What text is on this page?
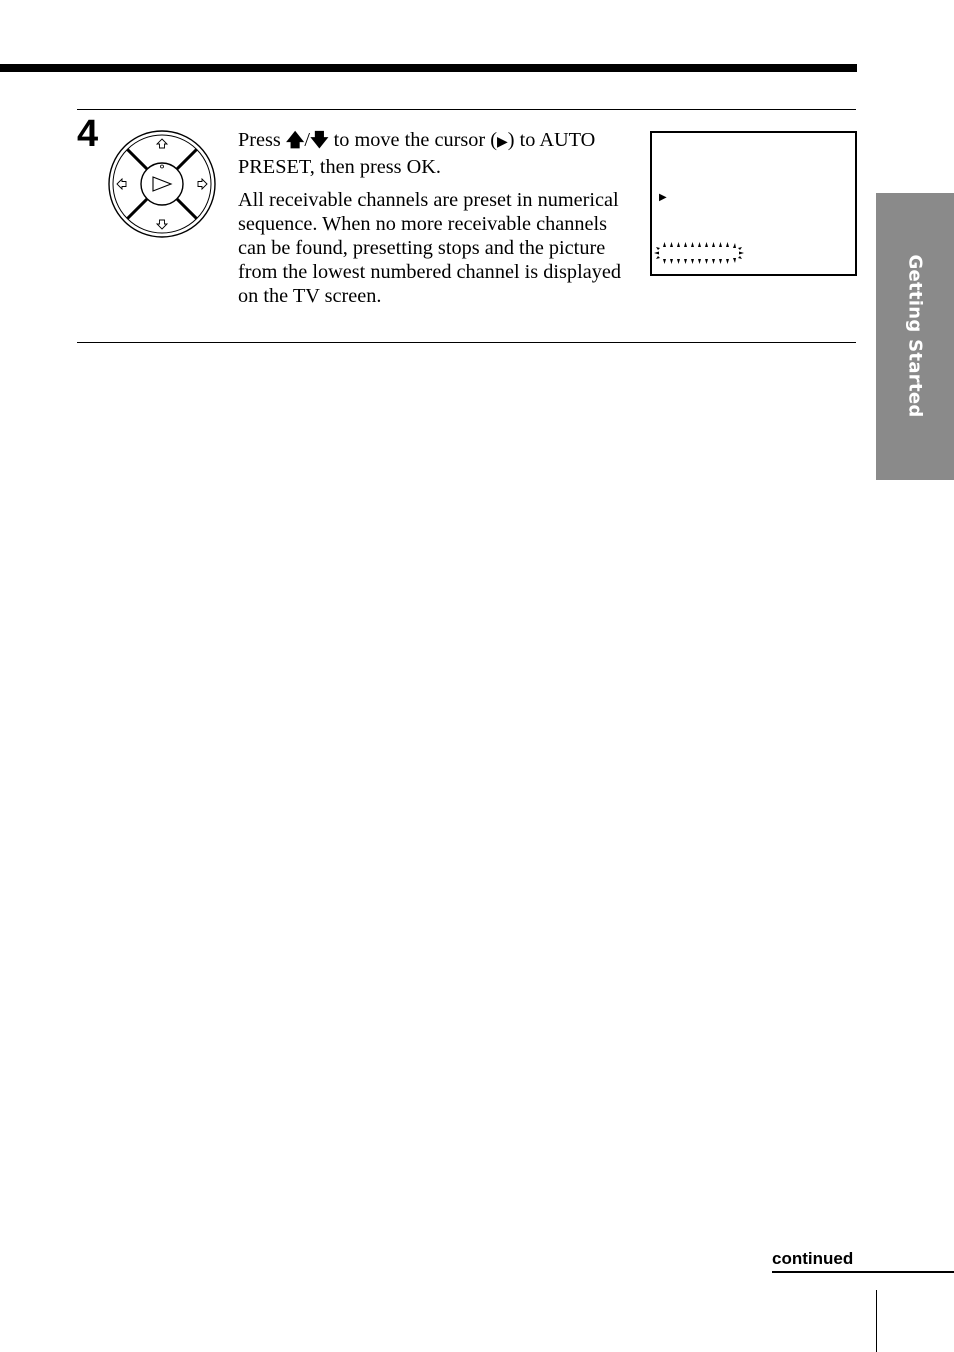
4	Press 🡅/🡇 to move the cursor (▶) to AUTO PRESET, then press OK.

All receivable channels are preset in numerical sequence. When no more receivable channels can be found, presetting stops and the picture from the lowest numbered channel is displayed on the TV screen.

▶
Getting Started
continued
